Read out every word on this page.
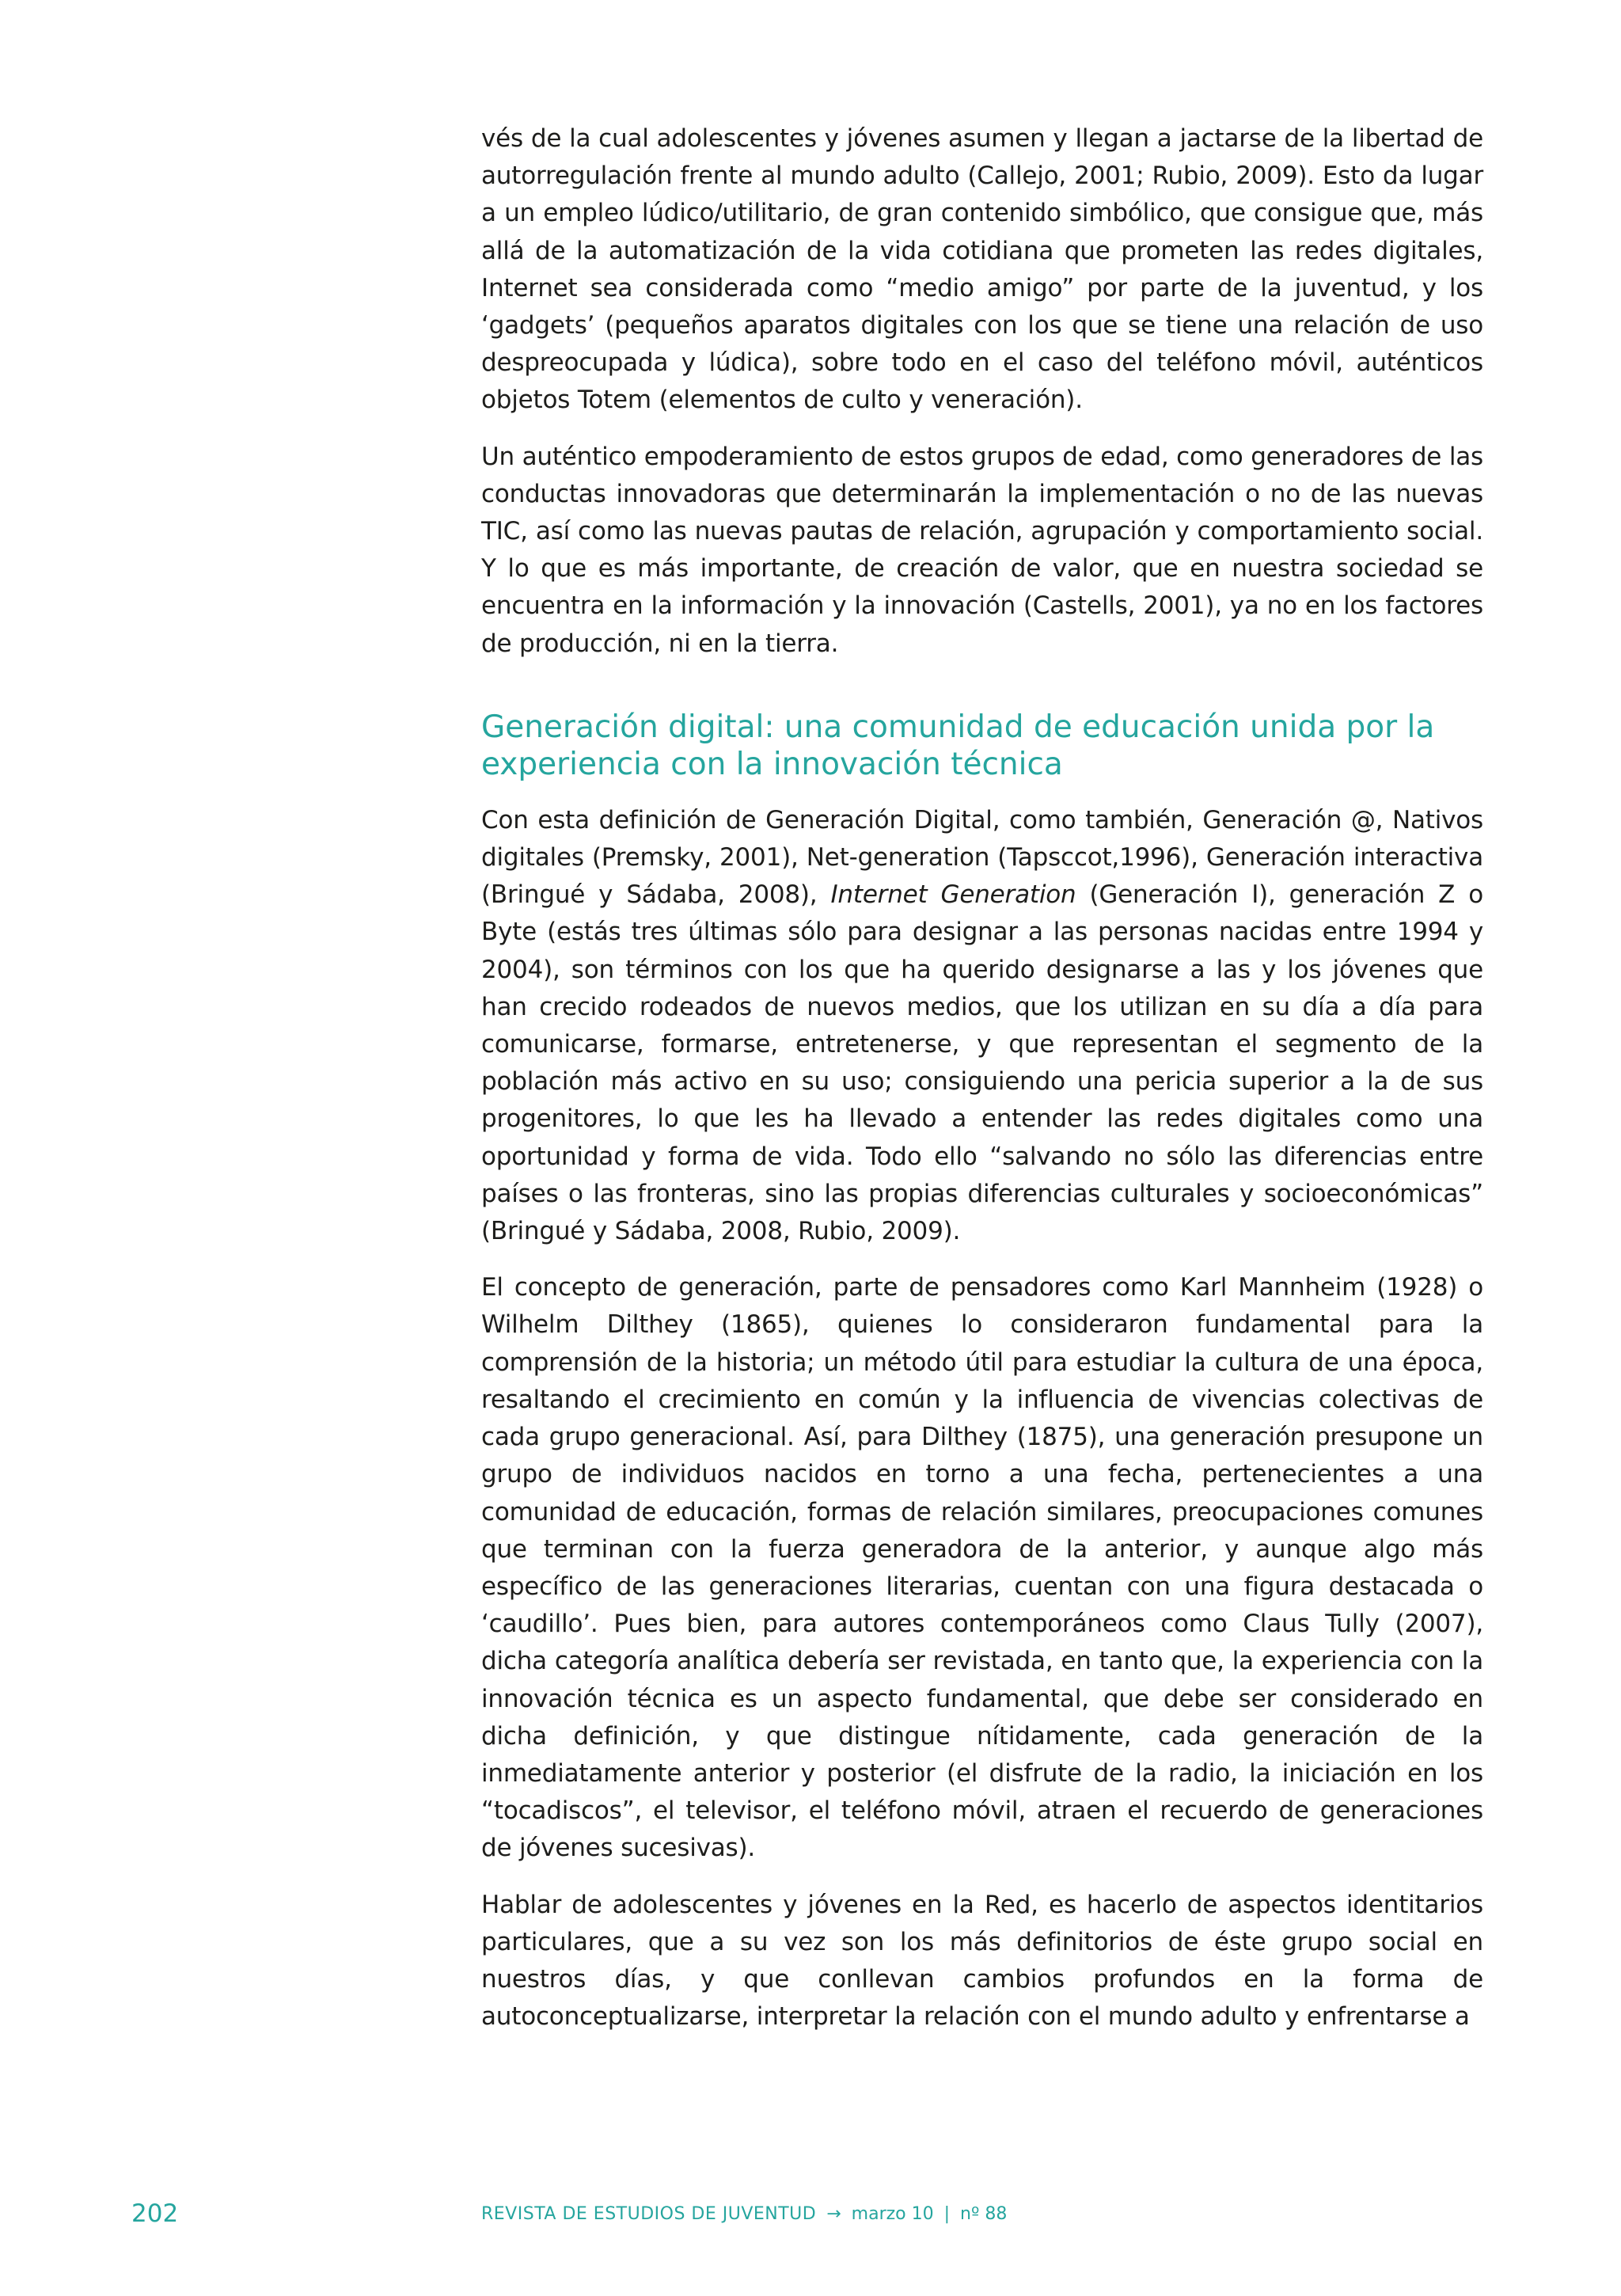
vés de la cual adolescentes y jóvenes asumen y llegan a jactarse de la libertad de autorregulación frente al mundo adulto (Callejo, 2001; Rubio, 2009). Esto da lugar a un empleo lúdico/utilitario, de gran contenido simbólico, que consigue que, más allá de la automatización de la vida cotidiana que prometen las redes digitales, Internet sea considerada como “medio amigo” por parte de la juventud, y los ‘gadgets’ (pequeños aparatos digitales con los que se tiene una relación de uso despreocupada y lúdica), sobre todo en el caso del teléfono móvil, auténticos objetos Totem (elementos de culto y veneración).

Un auténtico empoderamiento de estos grupos de edad, como generadores de las conductas innovadoras que determinarán la implementación o no de las nuevas TIC, así como las nuevas pautas de relación, agrupación y comportamiento social. Y lo que es más importante, de creación de valor, que en nuestra sociedad se encuentra en la información y la innovación (Castells, 2001), ya no en los factores de producción, ni en la tierra.

Generación digital: una comunidad de educación unida por la experiencia con la innovación técnica

Con esta definición de Generación Digital, como también, Generación @, Nativos digitales (Premsky, 2001), Net-generation (Tapsccot,1996), Generación interactiva (Bringué y Sádaba, 2008), Internet Generation (Generación I), generación Z o Byte (estás tres últimas sólo para designar a las personas nacidas entre 1994 y 2004), son términos con los que ha querido designarse a las y los jóvenes que han crecido rodeados de nuevos medios, que los utilizan en su día a día para comunicarse, formarse, entretenerse, y que representan el segmento de la población más activo en su uso; consiguiendo una pericia superior a la de sus progenitores, lo que les ha llevado a entender las redes digitales como una oportunidad y forma de vida. Todo ello “salvando no sólo las diferencias entre países o las fronteras, sino las propias diferencias culturales y socioeconómicas” (Bringué y Sádaba, 2008, Rubio, 2009).

El concepto de generación, parte de pensadores como Karl Mannheim (1928) o Wilhelm Dilthey (1865), quienes lo consideraron fundamental para la comprensión de la historia; un método útil para estudiar la cultura de una época, resaltando el crecimiento en común y la influencia de vivencias colectivas de cada grupo generacional. Así, para Dilthey (1875), una generación presupone un grupo de individuos nacidos en torno a una fecha, pertenecientes a una comunidad de educación, formas de relación similares, preocupaciones comunes que terminan con la fuerza generadora de la anterior, y aunque algo más específico de las generaciones literarias, cuentan con una figura destacada o ‘caudillo’. Pues bien, para autores contemporáneos como Claus Tully (2007), dicha categoría analítica debería ser revistada, en tanto que, la experiencia con la innovación técnica es un aspecto fundamental, que debe ser considerado en dicha definición, y que distingue nítidamente, cada generación de la inmediatamente anterior y posterior (el disfrute de la radio, la iniciación en los “tocadiscos”, el televisor, el teléfono móvil, atraen el recuerdo de generaciones de jóvenes sucesivas).

Hablar de adolescentes y jóvenes en la Red, es hacerlo de aspectos identitarios particulares, que a su vez son los más definitorios de éste grupo social en nuestros días, y que conllevan cambios profundos en la forma de autoconceptualizarse, interpretar la relación con el mundo adulto y enfrentarse a

202	REVISTA DE ESTUDIOS DE JUVENTUD → marzo 10 | nº 88
